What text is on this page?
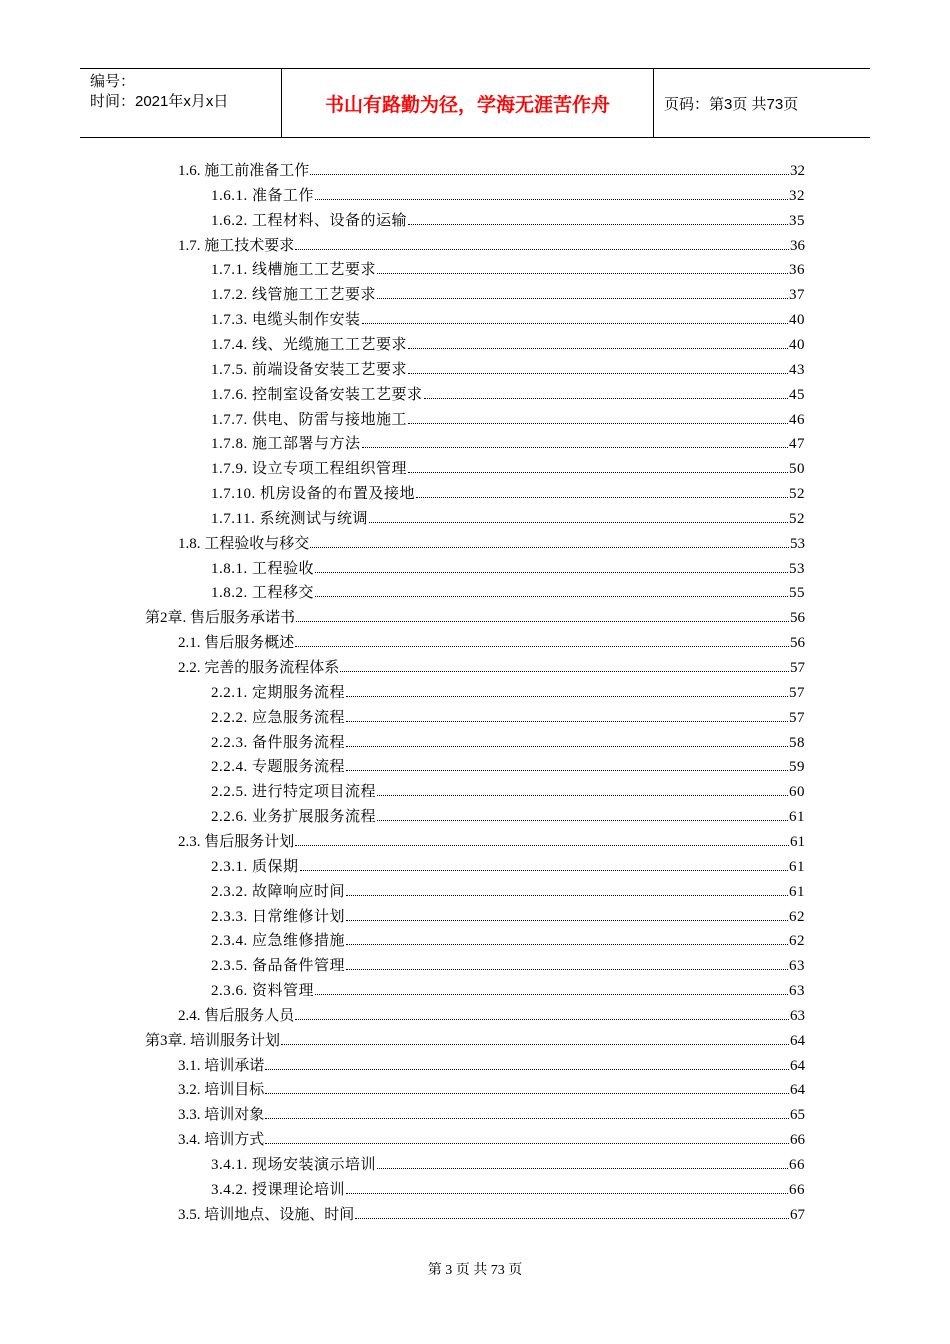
编号：
时间：2021年x月x日	书山有路勤为径，学海无涯苦作舟	页码：第3页 共73页
1.6. 施工前准备工作	32
1.6.1. 准备工作	32
1.6.2. 工程材料、设备的运输	35
1.7. 施工技术要求	36
1.7.1. 线槽施工工艺要求	36
1.7.2. 线管施工工艺要求	37
1.7.3. 电缆头制作安装	40
1.7.4. 线、光缆施工工艺要求	40
1.7.5. 前端设备安装工艺要求	43
1.7.6. 控制室设备安装工艺要求	45
1.7.7. 供电、防雷与接地施工	46
1.7.8. 施工部署与方法	47
1.7.9. 设立专项工程组织管理	50
1.7.10. 机房设备的布置及接地	52
1.7.11. 系统测试与统调	52
1.8. 工程验收与移交	53
1.8.1. 工程验收	53
1.8.2. 工程移交	55
第2章. 售后服务承诺书	56
2.1. 售后服务概述	56
2.2. 完善的服务流程体系	57
2.2.1. 定期服务流程	57
2.2.2. 应急服务流程	57
2.2.3. 备件服务流程	58
2.2.4. 专题服务流程	59
2.2.5. 进行特定项目流程	60
2.2.6. 业务扩展服务流程	61
2.3. 售后服务计划	61
2.3.1. 质保期	61
2.3.2. 故障响应时间	61
2.3.3. 日常维修计划	62
2.3.4. 应急维修措施	62
2.3.5. 备品备件管理	63
2.3.6. 资料管理	63
2.4. 售后服务人员	63
第3章. 培训服务计划	64
3.1. 培训承诺	64
3.2. 培训目标	64
3.3. 培训对象	65
3.4. 培训方式	66
3.4.1. 现场安装演示培训	66
3.4.2. 授课理论培训	66
3.5. 培训地点、设施、时间	67
第 3 页 共 73 页
